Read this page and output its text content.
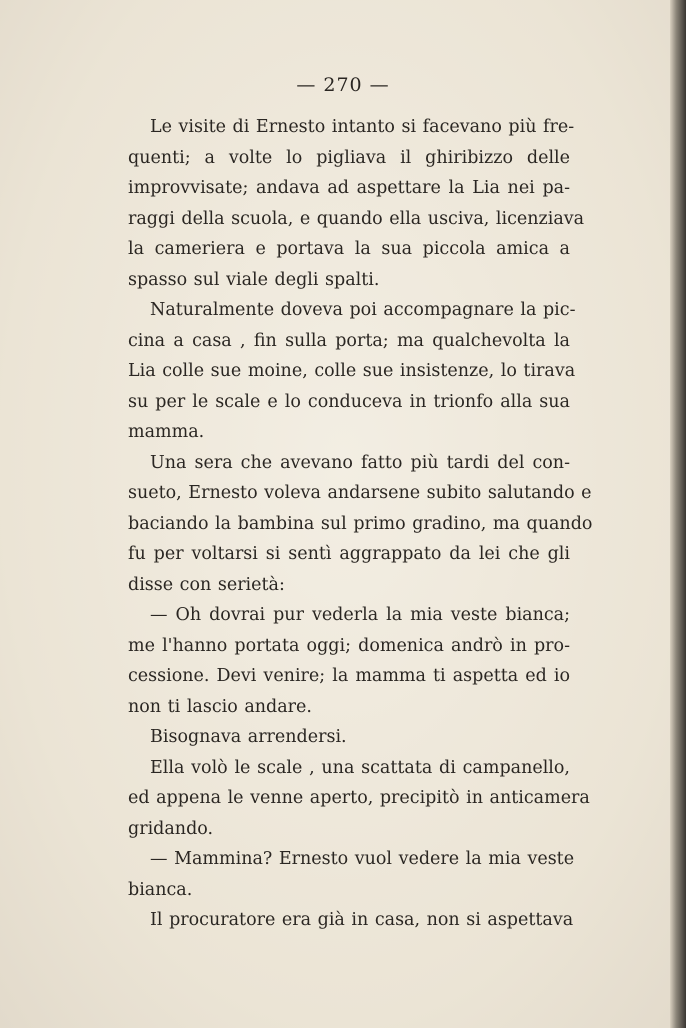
— 270 —
Le visite di Ernesto intanto si facevano più fre-
quenti; a volte lo pigliava il ghiribizzo delle
improvvisate; andava ad aspettare la Lia nei pa-
raggi della scuola, e quando ella usciva, licenziava
la cameriera e portava la sua piccola amica a
spasso sul viale degli spalti.
Naturalmente doveva poi accompagnare la pic-
cina a casa , fin sulla porta; ma qualchevolta la
Lia colle sue moine, colle sue insistenze, lo tirava
su per le scale e lo conduceva in trionfo alla sua
mamma.
Una sera che avevano fatto più tardi del con-
sueto, Ernesto voleva andarsene subito salutando e
baciando la bambina sul primo gradino, ma quando
fu per voltarsi si sentì aggrappato da lei che gli
disse con serietà:
— Oh dovrai pur vederla la mia veste bianca;
me l'hanno portata oggi; domenica andrò in pro-
cessione. Devi venire; la mamma ti aspetta ed io
non ti lascio andare.
Bisognava arrendersi.
Ella volò le scale , una scattata di campanello,
ed appena le venne aperto, precipitò in anticamera
gridando.
— Mammina? Ernesto vuol vedere la mia veste
bianca.
Il procuratore era già in casa, non si aspettava
